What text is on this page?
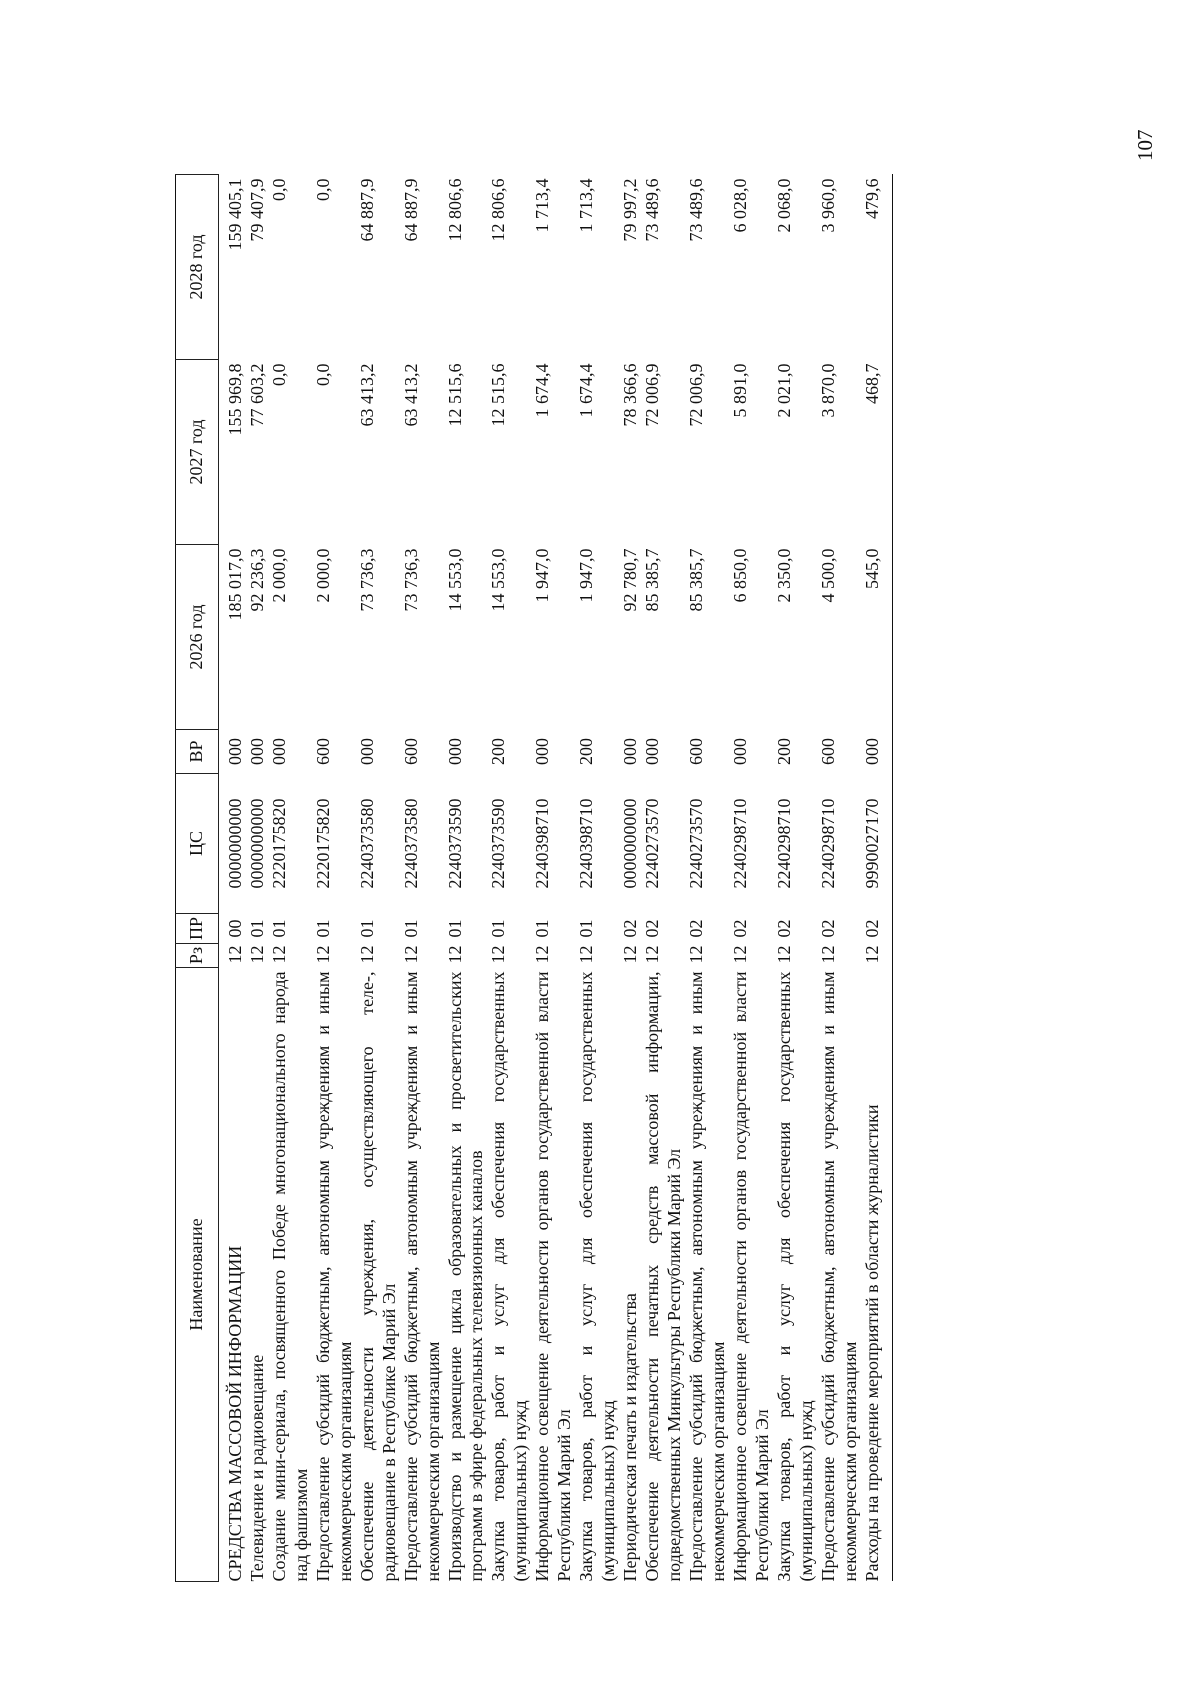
107
Наименование	Рз	ПР	ЦС	ВР	2026 год	2027 год	2028 год
СРЕДСТВА МАССОВОЙ ИНФОРМАЦИИ	12	00	0000000000	000	185 017,0	155 969,8	159 405,1
Телевидение и радиовещание	12	01	0000000000	000	92 236,3	77 603,2	79 407,9
Создание мини-сериала, посвященного Победе многонационального народа над фашизмом	12	01	2220175820	000	2 000,0	0,0	0,0
Предоставление субсидий бюджетным, автономным учреждениям и иным некоммерческим организациям	12	01	2220175820	600	2 000,0	0,0	0,0
Обеспечение деятельности учреждения, осуществляющего теле-, радиовещание в Республике Марий Эл	12	01	2240373580	000	73 736,3	63 413,2	64 887,9
Предоставление субсидий бюджетным, автономным учреждениям и иным некоммерческим организациям	12	01	2240373580	600	73 736,3	63 413,2	64 887,9
Производство и размещение цикла образовательных и просветительских программ в эфире федеральных телевизионных каналов	12	01	2240373590	000	14 553,0	12 515,6	12 806,6
Закупка товаров, работ и услуг для обеспечения государственных (муниципальных) нужд	12	01	2240373590	200	14 553,0	12 515,6	12 806,6
Информационное освещение деятельности органов государственной власти Республики Марий Эл	12	01	2240398710	000	1 947,0	1 674,4	1 713,4
Закупка товаров, работ и услуг для обеспечения государственных (муниципальных) нужд	12	01	2240398710	200	1 947,0	1 674,4	1 713,4
Периодическая печать и издательства	12	02	0000000000	000	92 780,7	78 366,6	79 997,2
Обеспечение деятельности печатных средств массовой информации, подведомственных Минкультуры Республики Марий Эл	12	02	2240273570	000	85 385,7	72 006,9	73 489,6
Предоставление субсидий бюджетным, автономным учреждениям и иным некоммерческим организациям	12	02	2240273570	600	85 385,7	72 006,9	73 489,6
Информационное освещение деятельности органов государственной власти Республики Марий Эл	12	02	2240298710	000	6 850,0	5 891,0	6 028,0
Закупка товаров, работ и услуг для обеспечения государственных (муниципальных) нужд	12	02	2240298710	200	2 350,0	2 021,0	2 068,0
Предоставление субсидий бюджетным, автономным учреждениям и иным некоммерческим организациям	12	02	2240298710	600	4 500,0	3 870,0	3 960,0
Расходы на проведение мероприятий в области журналистики	12	02	9990027170	000	545,0	468,7	479,6
